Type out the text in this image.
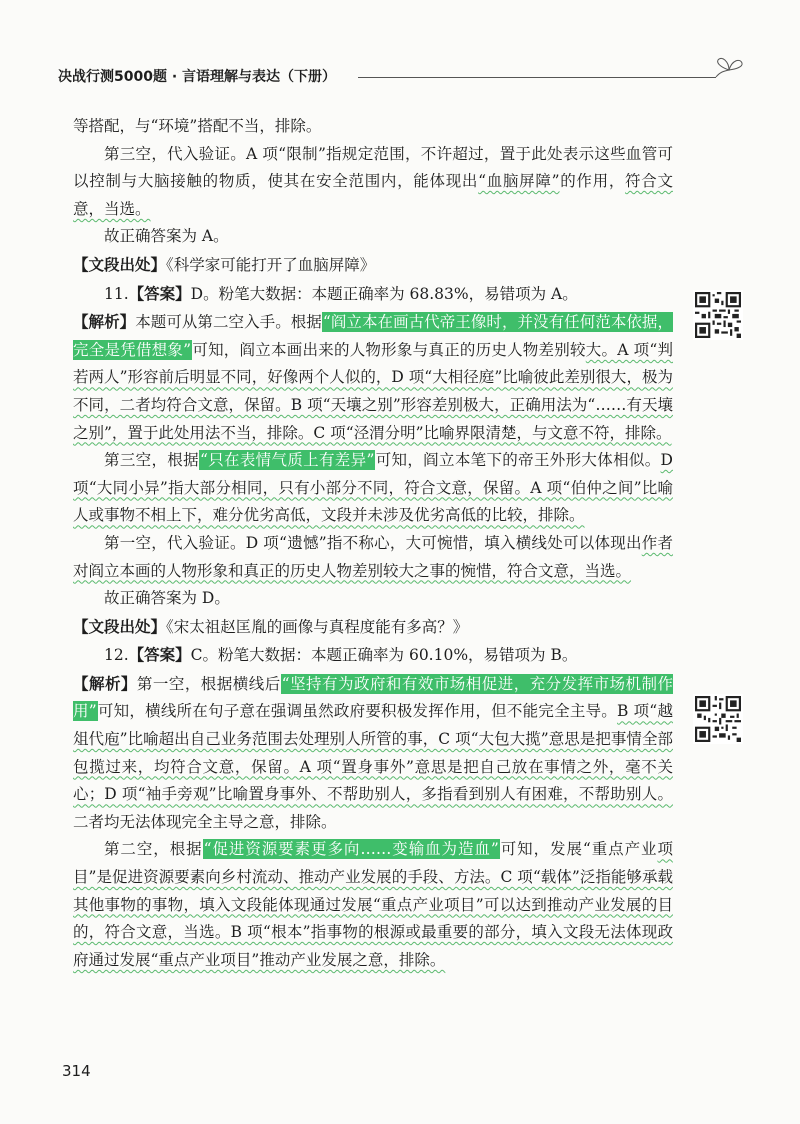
决战行测5000题 · 言语理解与表达（下册）

等搭配，与“环境”搭配不当，排除。

第三空，代入验证。A 项“限制”指规定范围，不许超过，置于此处表示这些血管可以控制与大脑接触的物质，使其在安全范围内，能体现出“血脑屏障”的作用，符合文意，当选。

故正确答案为 A。

【文段出处】《科学家可能打开了血脑屏障》

11.【答案】D。粉笔大数据：本题正确率为 68.83%，易错项为 A。

【解析】本题可从第二空入手。根据“阎立本在画古代帝王像时，并没有任何范本依据，完全是凭借想象”可知，阎立本画出来的人物形象与真正的历史人物差别较大。A 项“判若两人”形容前后明显不同，好像两个人似的，D 项“大相径庭”比喻彼此差别很大，极为不同，二者均符合文意，保留。B 项“天壤之别”形容差别极大，正确用法为“……有天壤之别”，置于此处用法不当，排除。C 项“泾渭分明”比喻界限清楚，与文意不符，排除。

第三空，根据“只在表情气质上有差异”可知，阎立本笔下的帝王外形大体相似。D 项“大同小异”指大部分相同，只有小部分不同，符合文意，保留。A 项“伯仲之间”比喻人或事物不相上下，难分优劣高低，文段并未涉及优劣高低的比较，排除。

第一空，代入验证。D 项“遗憾”指不称心，大可惋惜，填入横线处可以体现出作者对阎立本画的人物形象和真正的历史人物差别较大之事的惋惜，符合文意，当选。

故正确答案为 D。

【文段出处】《宋太祖赵匡胤的画像与真程度能有多高？》

12.【答案】C。粉笔大数据：本题正确率为 60.10%，易错项为 B。

【解析】第一空，根据横线后“坚持有为政府和有效市场相促进，充分发挥市场机制作用”可知，横线所在句子意在强调虽然政府要积极发挥作用，但不能完全主导。B 项“越俎代庖”比喻超出自己业务范围去处理别人所管的事，C 项“大包大揽”意思是把事情全部包揽过来，均符合文意，保留。A 项“置身事外”意思是把自己放在事情之外，毫不关心；D 项“袖手旁观”比喻置身事外、不帮助别人，多指看到别人有困难，不帮助别人。二者均无法体现完全主导之意，排除。

第二空，根据“促进资源要素更多向……变输血为造血”可知，发展“重点产业项目”是促进资源要素向乡村流动、推动产业发展的手段、方法。C 项“载体”泛指能够承载其他事物的事物，填入文段能体现通过发展“重点产业项目”可以达到推动产业发展的目的，符合文意，当选。B 项“根本”指事物的根源或最重要的部分，填入文段无法体现政府通过发展“重点产业项目”推动产业发展之意，排除。

314
